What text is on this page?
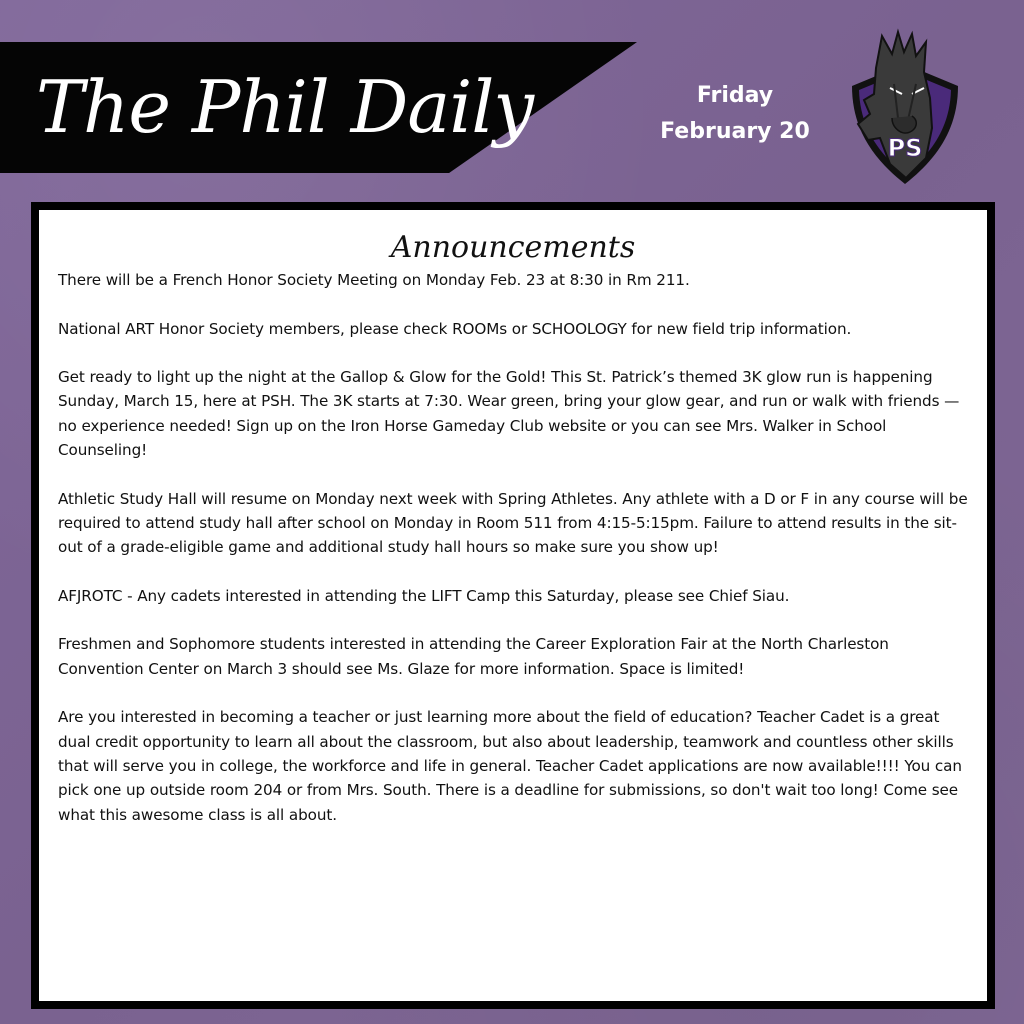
The Phil Daily	Friday
February 20
PS
Announcements

There will be a French Honor Society Meeting on Monday Feb. 23 at 8:30 in Rm 211.

National ART Honor Society members, please check ROOMs or SCHOOLOGY for new field trip information.

Get ready to light up the night at the Gallop & Glow for the Gold! This St. Patrick’s themed 3K glow run is happening Sunday, March 15, here at PSH. The 3K starts at 7:30. Wear green, bring your glow gear, and run or walk with friends — no experience needed! Sign up on the Iron Horse Gameday Club website or you can see Mrs. Walker in School Counseling!

Athletic Study Hall will resume on Monday next week with Spring Athletes. Any athlete with a D or F in any course will be required to attend study hall after school on Monday in Room 511 from 4:15-5:15pm. Failure to attend results in the sit-out of a grade-eligible game and additional study hall hours so make sure you show up!

AFJROTC - Any cadets interested in attending the LIFT Camp this Saturday, please see Chief Siau.

Freshmen and Sophomore students interested in attending the Career Exploration Fair at the North Charleston Convention Center on March 3 should see Ms. Glaze for more information. Space is limited!

Are you interested in becoming a teacher or just learning more about the field of education? Teacher Cadet is a great dual credit opportunity to learn all about the classroom, but also about leadership, teamwork and countless other skills that will serve you in college, the workforce and life in general. Teacher Cadet applications are now available!!!! You can pick one up outside room 204 or from Mrs. South. There is a deadline for submissions, so don't wait too long! Come see what this awesome class is all about.
